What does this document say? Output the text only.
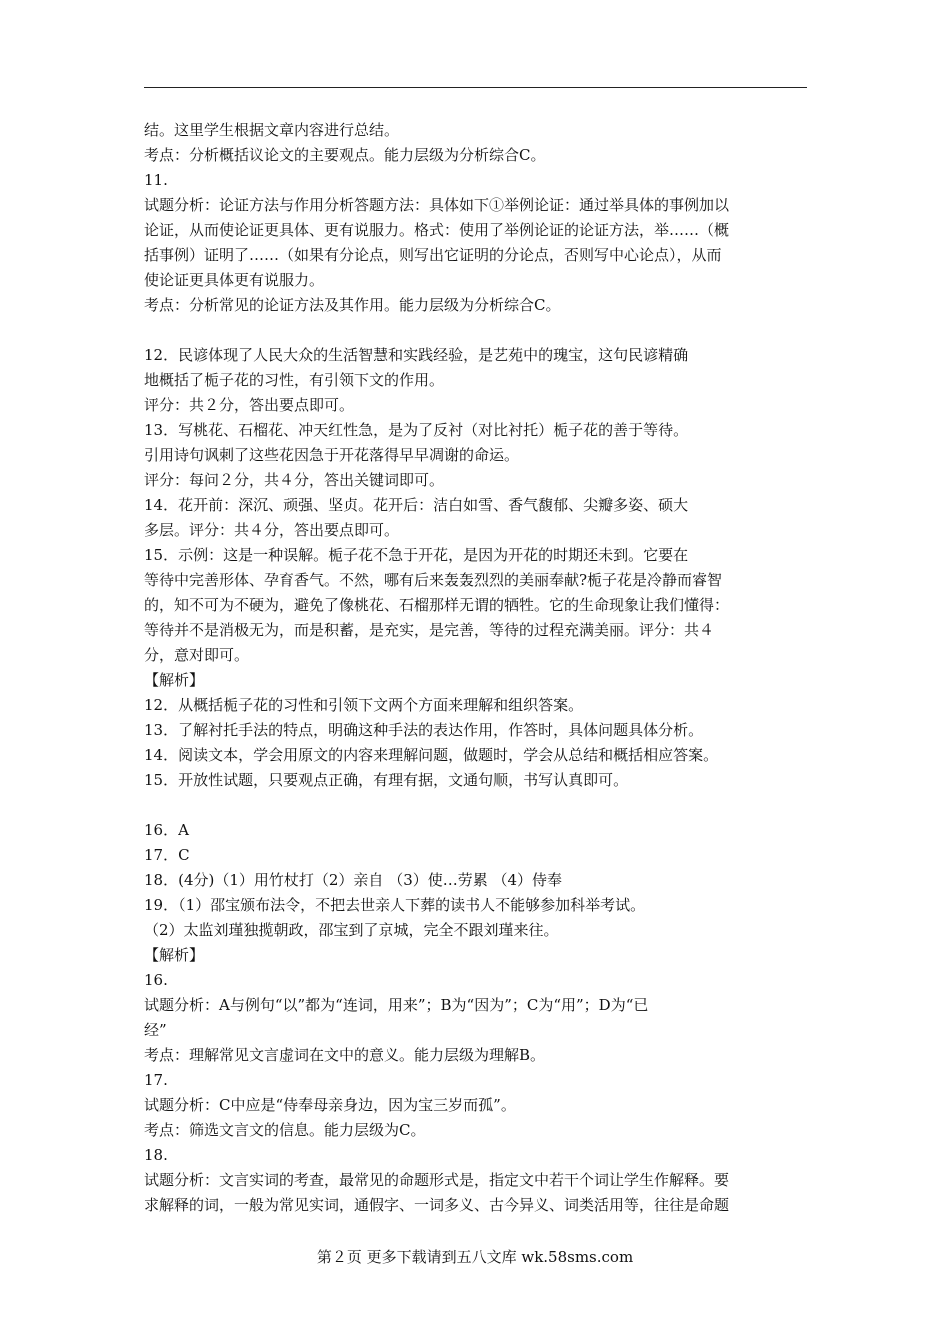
结。这里学生根据文章内容进行总结。
考点：分析概括议论文的主要观点。能力层级为分析综合C。
11.
试题分析：论证方法与作用分析答题方法：具体如下①举例论证：通过举具体的事例加以
论证，从而使论证更具体、更有说服力。格式：使用了举例论证的论证方法，举……（概
括事例）证明了……（如果有分论点，则写出它证明的分论点，否则写中心论点），从而
使论证更具体更有说服力。
考点：分析常见的论证方法及其作用。能力层级为分析综合C。
12．民谚体现了人民大众的生活智慧和实践经验，是艺苑中的瑰宝，这句民谚精确
地概括了栀子花的习性，有引领下文的作用。
评分：共２分，答出要点即可。
13．写桃花、石榴花、冲天红性急，是为了反衬（对比衬托）栀子花的善于等待。
引用诗句讽刺了这些花因急于开花落得早早凋谢的命运。
评分：每问２分，共４分，答出关键词即可。
14．花开前：深沉、顽强、坚贞。花开后：洁白如雪、香气馥郁、尖瓣多姿、硕大
多层。评分：共４分，答出要点即可。
15．示例：这是一种误解。栀子花不急于开花，是因为开花的时期还未到。它要在
等待中完善形体、孕育香气。不然，哪有后来轰轰烈烈的美丽奉献?栀子花是冷静而睿智
的，知不可为不硬为，避免了像桃花、石榴那样无谓的牺牲。它的生命现象让我们懂得：
等待并不是消极无为，而是积蓄，是充实，是完善，等待的过程充满美丽。评分：共４
分，意对即可。
【解析】
12．从概括栀子花的习性和引领下文两个方面来理解和组织答案。
13．了解衬托手法的特点，明确这种手法的表达作用，作答时，具体问题具体分析。
14．阅读文本，学会用原文的内容来理解问题，做题时，学会从总结和概括相应答案。
15．开放性试题，只要观点正确，有理有据，文通句顺，书写认真即可。
16．A
17．C
18．(4分)（1）用竹杖打（2）亲自 （3）使…劳累 （4）侍奉
19．（1）邵宝颁布法令，不把去世亲人下葬的读书人不能够参加科举考试。
（2）太监刘瑾独揽朝政，邵宝到了京城，完全不跟刘瑾来往。
【解析】
16.
试题分析：A与例句“以”都为“连词，用来”；B为“因为”；C为“用”；D为“已
经”
考点：理解常见文言虚词在文中的意义。能力层级为理解B。
17.
试题分析：C中应是“侍奉母亲身边，因为宝三岁而孤”。
考点：筛选文言文的信息。能力层级为C。
18.
试题分析：文言实词的考查，最常见的命题形式是，指定文中若干个词让学生作解释。要
求解释的词，一般为常见实词，通假字、一词多义、古今异义、词类活用等，往往是命题
第２页 更多下载请到五八文库 wk.58sms.com
